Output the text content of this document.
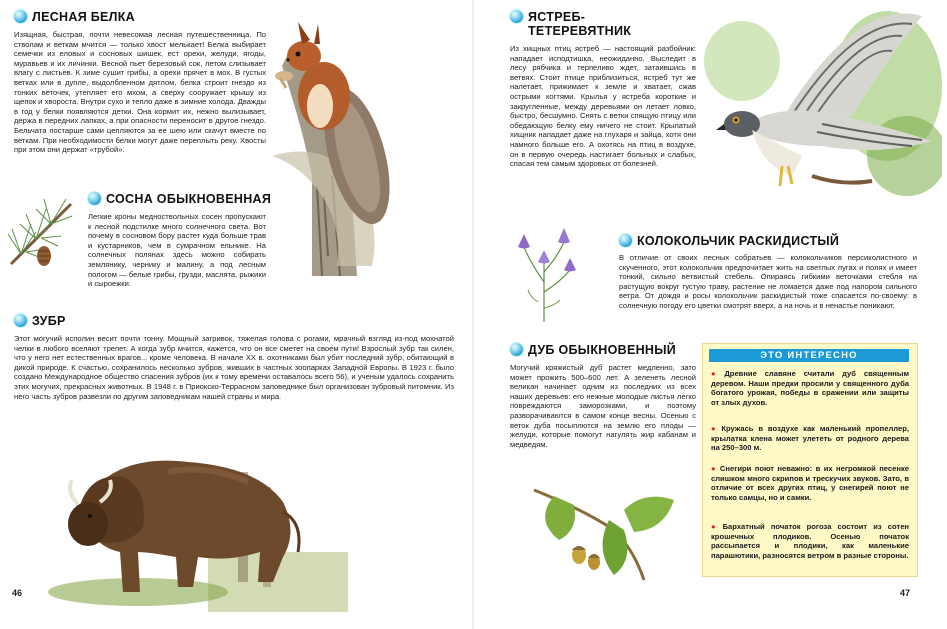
ЛЕСНАЯ БЕЛКА
Изящная, быстрая, почти невесомая лесная путешественница. По стволам и веткам мчится — только хвост мелькает! Белка выбирает семечки из еловых и сосновых шишек, ест орехи, желуди, ягоды, муравьев и их личинки. Весной пьет березовый сок, летом слизывает влагу с листьев. К зиме сушит грибы, а орехи прячет в мох. В густых ветках или в дупле, выдолбленном дятлом, белка строит гнездо из тонких веточек, утепляет его мхом, а сверху сооружает крышу из щепок и хвороста. Внутри сухо и тепло даже в зимние холода. Дважды в год у белки появляются детки. Она кормит их, нежно вылизывает, держа в передних лапках, а при опасности переносит в другое гнездо. Бельчата постарше сами цепляются за ее шею или скачут вместе по веткам. При необходимости белки могут даже переплыть реку. Хвосты при этом они держат «трубой».
СОСНА ОБЫКНОВЕННАЯ
Легкие кроны медноствольных сосен пропускают к лесной подстилке много солнечного света. Вот почему в сосновом бору растет куда больше трав и кустарников, чем в сумрачном ельнике. На солнечных полянах здесь можно собирать землянику, чернику и малину, а под лесным пологом — белые грибы, грузди, маслята, рыжики и сыроежки.
ЗУБР
Этот могучий исполин весит почти тонну. Мощный загривок, тяжелая голова с рогами, мрачный взгляд из-под мохнатой челки в любого вселяют трепет. А когда зубр мчится, кажется, что он все сметет на своем пути! Взрослый зубр так силен, что у него нет естественных врагов... кроме человека. В начале XX в. охотниками был убит последний зубр, обитающий в дикой природе. К счастью, сохранилось несколько зубров, живших в частных зоопарках Западной Европы. В 1923 г. было создано Международное общество спасения зубров (их к тому времени оставалось всего 56), и ученым удалось сохранить этих могучих, прекрасных животных. В 1948 г. в Приокско-Террасном заповеднике был организован зубровый питомник. Из него часть зубров развезли по другим заповедникам нашей страны и мира.
46
ЯСТРЕБ-
ТЕТЕРЕВЯТНИК
Из хищных птиц ястреб — настоящий разбойник: нападает исподтишка, неожиданно. Выследит в лесу рябчика и терпеливо ждет, затаившись в ветвях. Стоит птице приблизиться, ястреб тут же налетает, прижимает к земле и хватает, сжав острыми когтями. Крылья у ястреба короткие и закругленные, между деревьями он летает ловко, быстро, бесшумно. Снять с ветки спящую птицу или обедающую белку ему ничего не стоит. Крылатый хищник нападает даже на глухаря и зайца, хотя они намного больше его. А охотясь на птиц в воздухе, он в первую очередь настигает больных и слабых, спасая тем самым здоровых от болезней.
КОЛОКОЛЬЧИК РАСКИДИСТЫЙ
В отличие от своих лесных собратьев — колокольчиков персиколистного и скученного, этот колокольчик предпочитает жить на светлых лугах и полях и имеет тонкий, сильно ветвистый стебель. Опираясь гибкими веточками стебля на растущую вокруг густую траву, растение не ломается даже под напором сильного ветра. От дождя и росы колокольчик раскидистый тоже спасается по-своему: в солнечную погоду его цветки смотрят вверх, а на ночь и в ненастье поникают.
ДУБ ОБЫКНОВЕННЫЙ
Могучий кряжистый дуб растет медленно, зато может прожить 500–600 лет. А зеленеть лесной великан начинает одним из последних из всех наших деревьев: его нежные молодые листья легко повреждаются заморозками, и поэтому разворачиваются в самом конце весны. Осенью с веток дуба посыплются на землю его плоды — желуди, которые помогут нагулять жир кабанам и медведям.
ЭТО ИНТЕРЕСНО
● Древние славяне считали дуб священным деревом. Наши предки просили у священного дуба богатого урожая, победы в сражении или защиты от злых духов.
● Кружась в воздухе как маленький пропеллер, крылатка клена может улететь от родного дерева на 250–300 м.
● Снегири поют неважно: в их негромкой песенке слишком много скрипов и трескучих звуков. Зато, в отличие от всех других птиц, у снегирей поют не только самцы, но и самки.
● Бархатный початок рогоза состоит из сотен крошечных плодиков. Осенью початок рассыпается и плодики, как маленькие парашютики, разносятся ветром в разные стороны.
47
